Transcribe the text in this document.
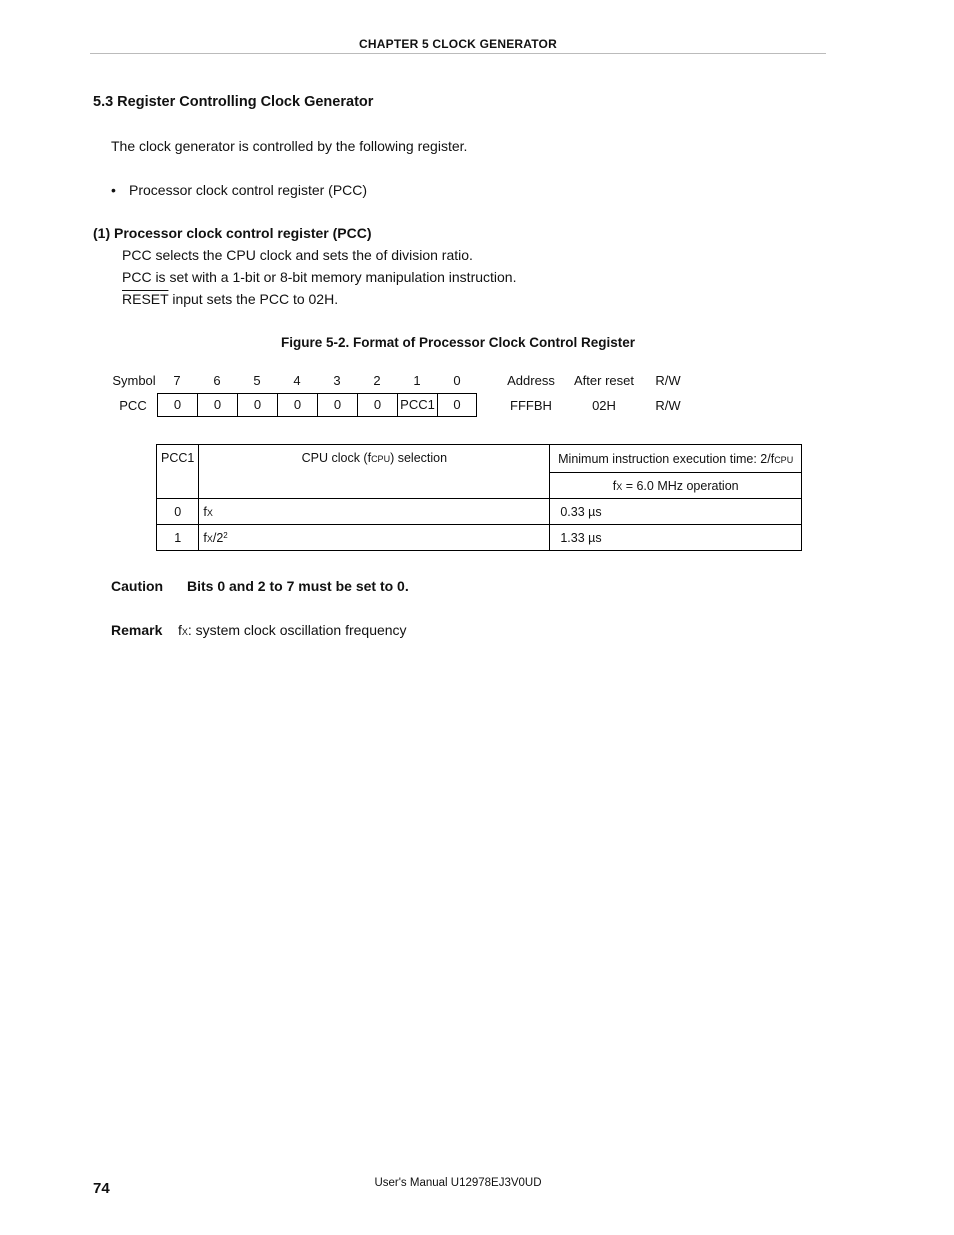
CHAPTER 5 CLOCK GENERATOR
5.3 Register Controlling Clock Generator
The clock generator is controlled by the following register.
• Processor clock control register (PCC)
(1) Processor clock control register (PCC)
PCC selects the CPU clock and sets the of division ratio.
PCC is set with a 1-bit or 8-bit memory manipulation instruction.
RESET input sets the PCC to 02H.
Figure 5-2. Format of Processor Clock Control Register
Symbol	7	6	5	4	3	2	1	0	Address	After reset	R/W
PCC	0	0	0	0	0	0	PCC1	0	FFFBH	02H	R/W
PCC1	CPU clock (fCPU) selection	Minimum instruction execution time: 2/fCPU
		fX = 6.0 MHz operation
0	fX	0.33 µs
1	$fX/2^2$	1.33 µs
Caution Bits 0 and 2 to 7 must be set to 0.
Remark fX: system clock oscillation frequency
74	User's Manual U12978EJ3V0UD
